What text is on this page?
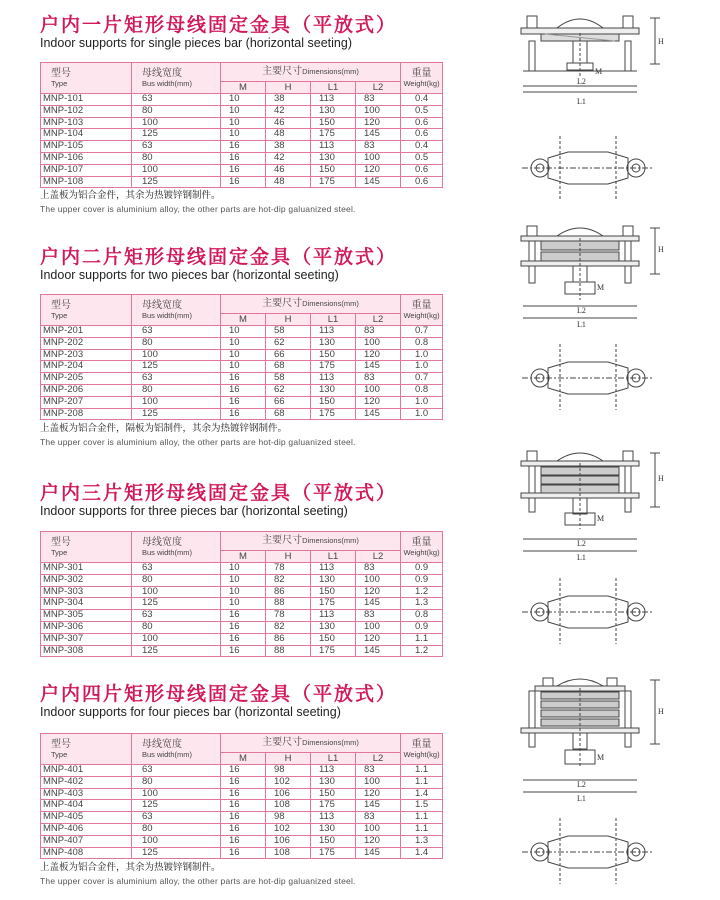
户内一片矩形母线固定金具（平放式）
Indoor supports for single pieces bar (horizontal seeting)
型号
Type	母线宽度
Bus width(mm)	主要尺寸Dimensions(mm)				重量
Weight(kg)

		M	H	L1	L2	
MNP-101	63	10	38	113	83	0.4
MNP-102	80	10	42	130	100	0.5
MNP-103	100	10	46	150	120	0.6
MNP-104	125	10	48	175	145	0.6
MNP-105	63	16	38	113	83	0.4
MNP-106	80	16	42	130	100	0.5
MNP-107	100	16	46	150	120	0.6
MNP-108	125	16	48	175	145	0.6
上盖板为铝合金件，其余为热镀锌钢制件。
The upper cover is aluminium alloy, the other parts are hot-dip galuanized steel.
户内二片矩形母线固定金具（平放式）
Indoor supports for two pieces bar (horizontal seeting)
型号
Type	母线宽度
Bus width(mm)	主要尺寸Dimensions(mm)				重量
Weight(kg)

		M	H	L1	L2	
MNP-201	63	10	58	113	83	0.7
MNP-202	80	10	62	130	100	0.8
MNP-203	100	10	66	150	120	1.0
MNP-204	125	10	68	175	145	1.0
MNP-205	63	16	58	113	83	0.7
MNP-206	80	16	62	130	100	0.8
MNP-207	100	16	66	150	120	1.0
MNP-208	125	16	68	175	145	1.0
上盖板为铝合金件，隔板为铝制件，其余为热镀锌钢制件。
The upper cover is aluminium alloy, the other parts are hot-dip galuanized steel.
户内三片矩形母线固定金具（平放式）
Indoor supports for three pieces bar (horizontal seeting)
型号
Type	母线宽度
Bus width(mm)	主要尺寸Dimensions(mm)				重量
Weight(kg)

		M	H	L1	L2	
MNP-301	63	10	78	113	83	0.9
MNP-302	80	10	82	130	100	0.9
MNP-303	100	10	86	150	120	1.2
MNP-304	125	10	88	175	145	1.3
MNP-305	63	16	78	113	83	0.8
MNP-306	80	16	82	130	100	0.9
MNP-307	100	16	86	150	120	1.1
MNP-308	125	16	88	175	145	1.2
户内四片矩形母线固定金具（平放式）
Indoor supports for four pieces bar (horizontal seeting)
型号
Type	母线宽度
Bus width(mm)	主要尺寸Dimensions(mm)				重量
Weight(kg)

		M	H	L1	L2	
MNP-401	63	16	98	113	83	1.1
MNP-402	80	16	102	130	100	1.1
MNP-403	100	16	106	150	120	1.4
MNP-404	125	16	108	175	145	1.5
MNP-405	63	16	98	113	83	1.1
MNP-406	80	16	102	130	100	1.1
MNP-407	100	16	106	150	120	1.3
MNP-408	125	16	108	175	145	1.4
上盖板为铝合金件，其余为热镀锌钢制件。
The upper cover is aluminium alloy, the other parts are hot-dip galuanized steel.
H
M
L2
L1
H
M
L2
L1
H
M
L2
L1
H
M
L2
L1
